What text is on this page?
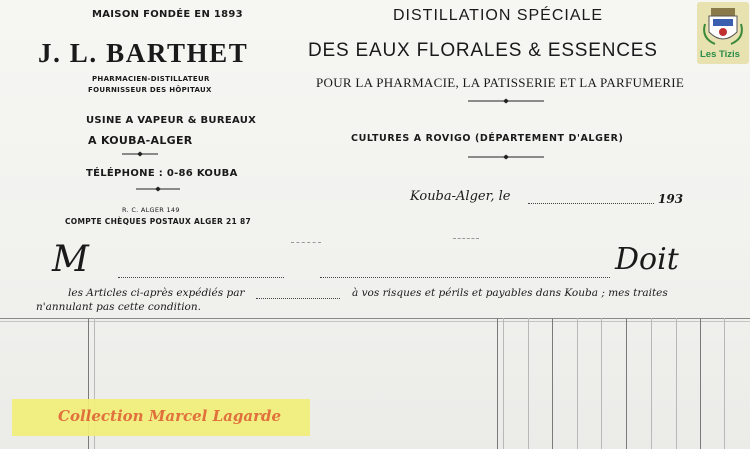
MAISON FONDÉE EN 1893
J. L. BARTHET
PHARMACIEN-DISTILLATEUR
FOURNISSEUR DES HÔPITAUX
USINE A VAPEUR & BUREAUX
A KOUBA-ALGER
TÉLÉPHONE : 0-86 KOUBA
R. C. ALGER 149
COMPTE CHÈQUES POSTAUX ALGER 21 87
DISTILLATION SPÉCIALE
DES EAUX FLORALES & ESSENCES
POUR LA PHARMACIE, LA PATISSERIE ET LA PARFUMERIE
CULTURES A ROVIGO (DÉPARTEMENT D'ALGER)
Kouba-Alger, le	193
M	Doit
les Articles ci-après expédiés par	à vos risques et périls et payables dans Kouba ; mes traites
n'annulant pas cette condition.
Collection Marcel Lagarde
Les Tizis
